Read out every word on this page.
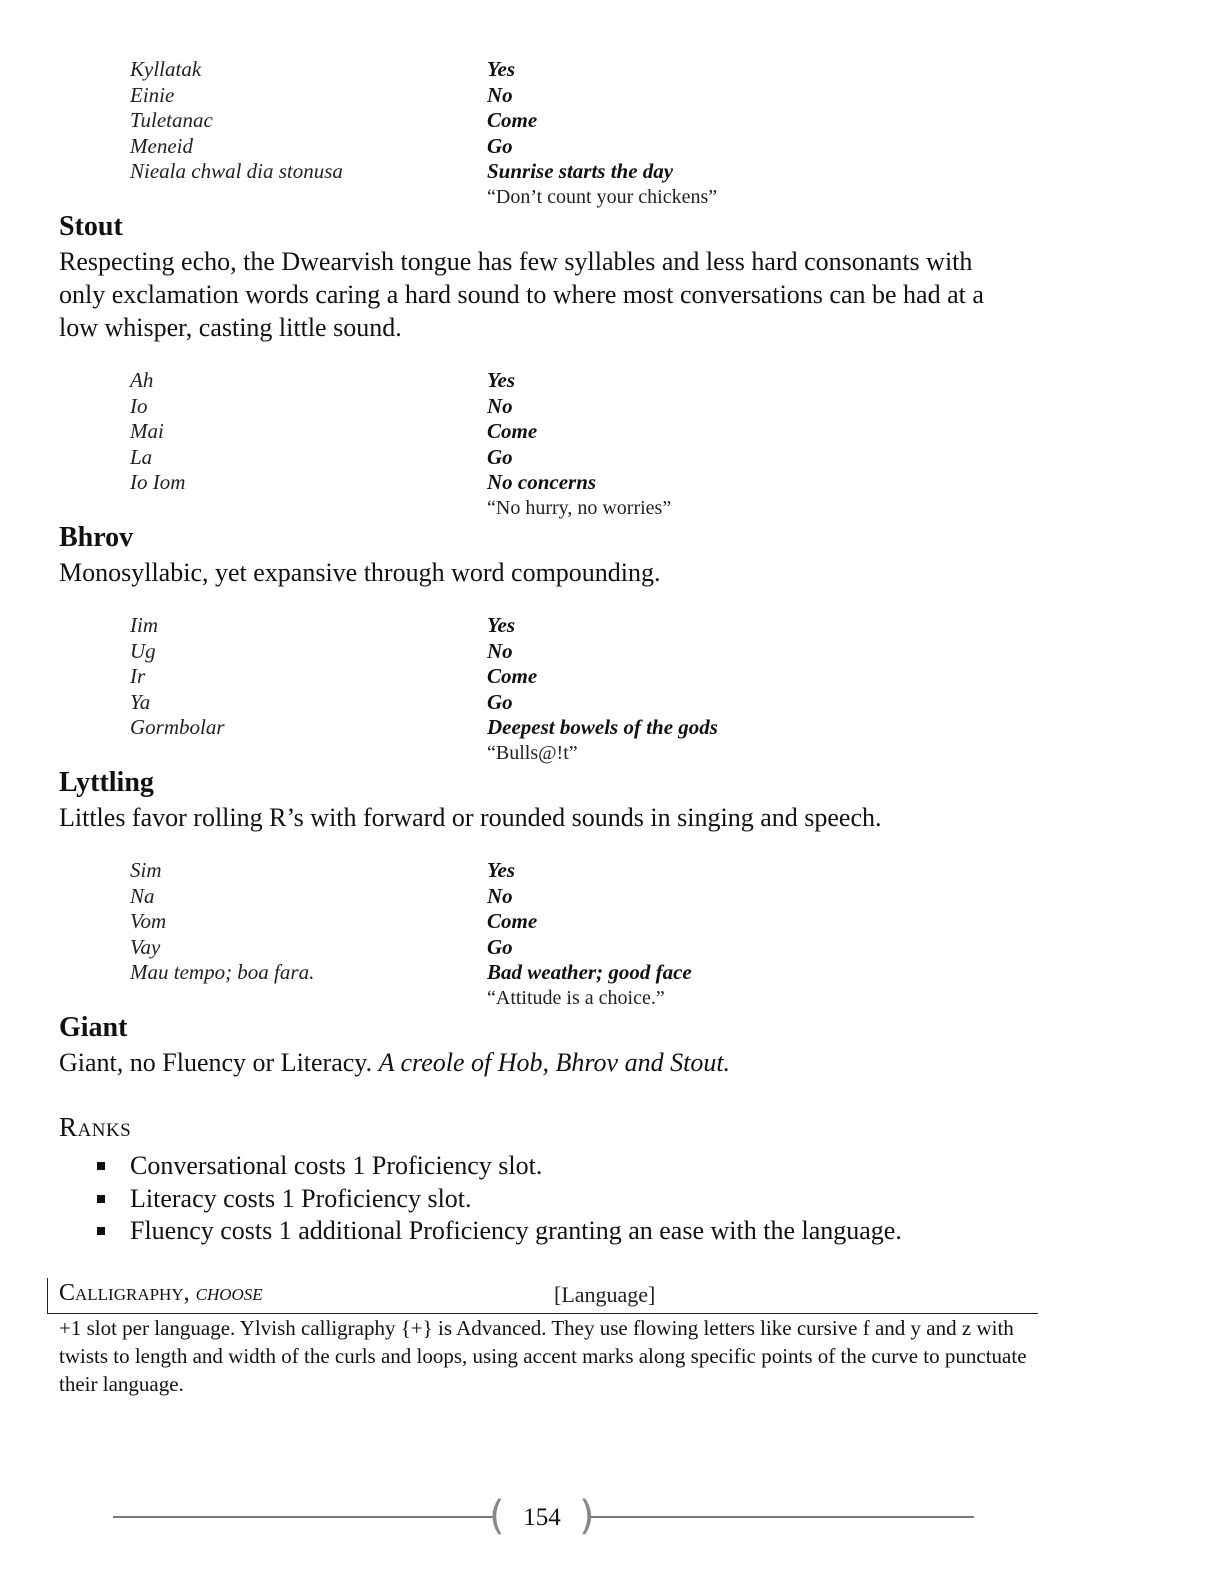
Kyllatak	Yes
Einie	No
Tuletanac	Come
Meneid	Go
Nieala chwal dia stonusa	Sunrise starts the day
“Don’t count your chickens”
Stout
Respecting echo, the Dwearvish tongue has few syllables and less hard consonants with only exclamation words caring a hard sound to where most conversations can be had at a low whisper, casting little sound.
Ah	Yes
Io	No
Mai	Come
La	Go
Io Iom	No concerns
“No hurry, no worries”
Bhrov
Monosyllabic, yet expansive through word compounding.
Iim	Yes
Ug	No
Ir	Come
Ya	Go
Gormbolar	Deepest bowels of the gods
“Bulls@!t”
Lyttling
Littles favor rolling R’s with forward or rounded sounds in singing and speech.
Sim	Yes
Na	No
Vom	Come
Vay	Go
Mau tempo; boa fara.	Bad weather; good face
“Attitude is a choice.”
Giant
Giant, no Fluency or Literacy. A creole of Hob, Bhrov and Stout.
Ranks
Conversational costs 1 Proficiency slot.
Literacy costs 1 Proficiency slot.
Fluency costs 1 additional Proficiency granting an ease with the language.
Calligraphy, choose	[Language]
+1 slot per language. Ylvish calligraphy {+} is Advanced. They use flowing letters like cursive f and y and z with twists to length and width of the curls and loops, using accent marks along specific points of the curve to punctuate their language.
( 154 )
